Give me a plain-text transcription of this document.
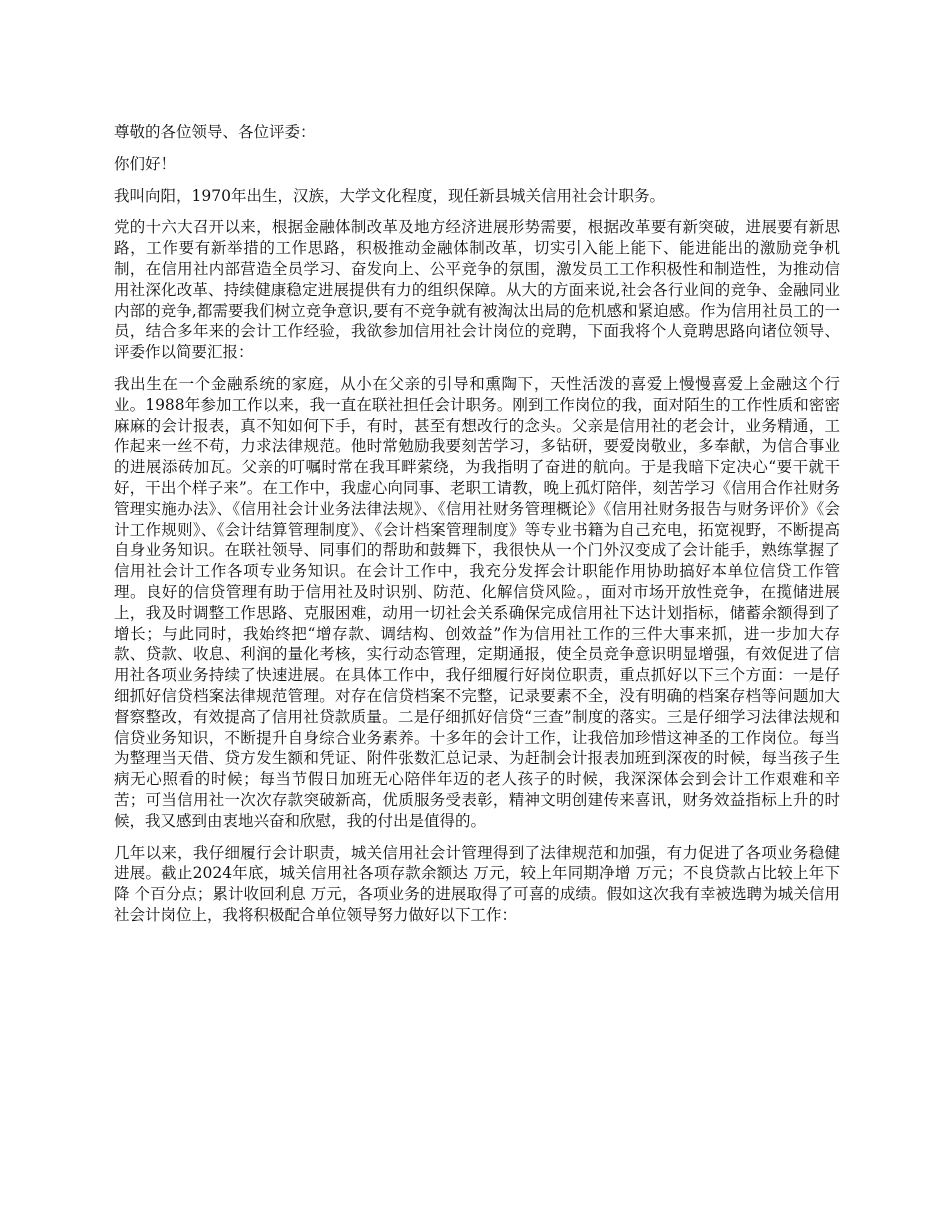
尊敬的各位领导、各位评委：

你们好！

我叫向阳，1970年出生，汉族，大学文化程度，现任新县城关信用社会计职务。

党的十六大召开以来，根据金融体制改革及地方经济进展形势需要，根据改革要有新突破，进展要有新思路，工作要有新举措的工作思路，积极推动金融体制改革，切实引入能上能下、能进能出的激励竞争机制，在信用社内部营造全员学习、奋发向上、公平竞争的氛围，激发员工工作积极性和制造性，为推动信用社深化改革、持续健康稳定进展提供有力的组织保障。从大的方面来说,社会各行业间的竞争、金融同业内部的竞争,都需要我们树立竞争意识,要有不竞争就有被淘汰出局的危机感和紧迫感。作为信用社员工的一员，结合多年来的会计工作经验，我欲参加信用社会计岗位的竞聘，下面我将个人竟聘思路向诸位领导、评委作以简要汇报：

我出生在一个金融系统的家庭，从小在父亲的引导和熏陶下，天性活泼的喜爱上慢慢喜爱上金融这个行业。1988年参加工作以来，我一直在联社担任会计职务。刚到工作岗位的我，面对陌生的工作性质和密密麻麻的会计报表，真不知如何下手，有时，甚至有想改行的念头。父亲是信用社的老会计，业务精通，工作起来一丝不苟，力求法律规范。他时常勉励我要刻苦学习，多钻研，要爱岗敬业，多奉献，为信合事业的进展添砖加瓦。父亲的叮嘱时常在我耳畔萦绕，为我指明了奋进的航向。于是我暗下定决心“要干就干好，干出个样子来”。在工作中，我虚心向同事、老职工请教，晚上孤灯陪伴，刻苦学习《信用合作社财务管理实施办法》、《信用社会计业务法律法规》、《信用社财务管理概论》《信用社财务报告与财务评价》《会计工作规则》、《会计结算管理制度》、《会计档案管理制度》等专业书籍为自己充电，拓宽视野，不断提高自身业务知识。在联社领导、同事们的帮助和鼓舞下，我很快从一个门外汉变成了会计能手，熟练掌握了信用社会计工作各项专业务知识。在会计工作中，我充分发挥会计职能作用协助搞好本单位信贷工作管理。良好的信贷管理有助于信用社及时识别、防范、化解信贷风险。，面对市场开放性竞争，在揽储进展上，我及时调整工作思路、克服困难，动用一切社会关系确保完成信用社下达计划指标，储蓄余额得到了增长；与此同时，我始终把“增存款、调结构、创效益”作为信用社工作的三件大事来抓，进一步加大存款、贷款、收息、利润的量化考核，实行动态管理，定期通报，使全员竞争意识明显增强，有效促进了信用社各项业务持续了快速进展。在具体工作中，我仔细履行好岗位职责，重点抓好以下三个方面：一是仔细抓好信贷档案法律规范管理。对存在信贷档案不完整，记录要素不全，没有明确的档案存档等问题加大督察整改，有效提高了信用社贷款质量。二是仔细抓好信贷“三查”制度的落实。三是仔细学习法律法规和信贷业务知识，不断提升自身综合业务素养。十多年的会计工作，让我倍加珍惜这神圣的工作岗位。每当为整理当天借、贷方发生额和凭证、附件张数汇总记录、为赶制会计报表加班到深夜的时候，每当孩子生病无心照看的时候；每当节假日加班无心陪伴年迈的老人孩子的时候，我深深体会到会计工作艰难和辛苦；可当信用社一次次存款突破新高，优质服务受表彰，精神文明创建传来喜讯，财务效益指标上升的时候，我又感到由衷地兴奋和欣慰，我的付出是值得的。

几年以来，我仔细履行会计职责，城关信用社会计管理得到了法律规范和加强，有力促进了各项业务稳健进展。截止2024年底，城关信用社各项存款余额达 万元，较上年同期净增 万元；不良贷款占比较上年下降 个百分点；累计收回利息 万元，各项业务的进展取得了可喜的成绩。假如这次我有幸被选聘为城关信用社会计岗位上，我将积极配合单位领导努力做好以下工作：
